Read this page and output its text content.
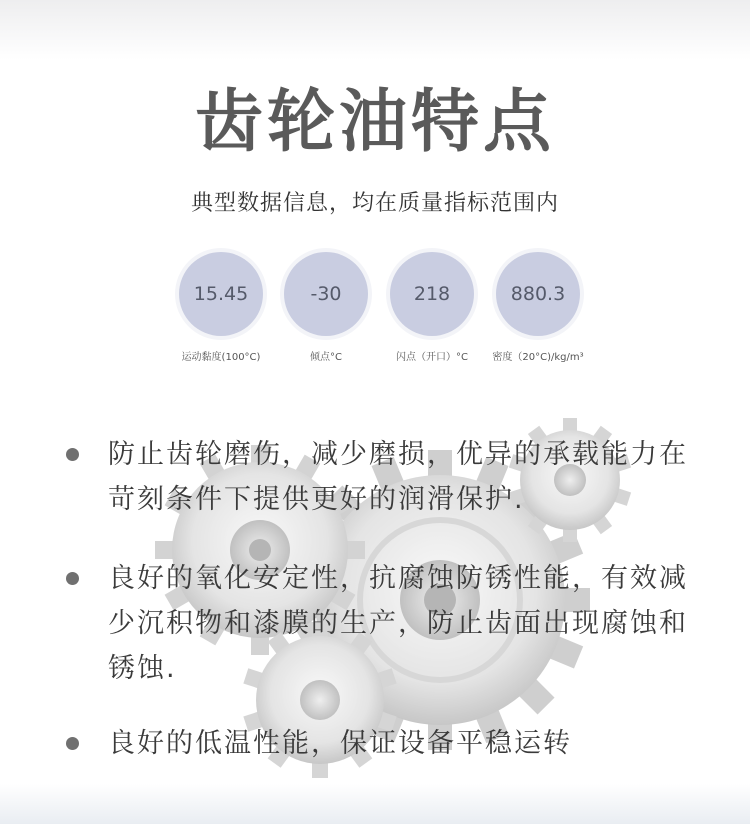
齿轮油特点
典型数据信息，均在质量指标范围内
15.45
运动黏度(100°C)
-30
倾点°C
218
闪点（开口）°C
880.3
密度（20°C)/kg/m³
防止齿轮磨伤，减少磨损，优异的承载能力在苛刻条件下提供更好的润滑保护.
良好的氧化安定性，抗腐蚀防锈性能，有效减少沉积物和漆膜的生产，防止齿面出现腐蚀和锈蚀.
良好的低温性能，保证设备平稳运转
